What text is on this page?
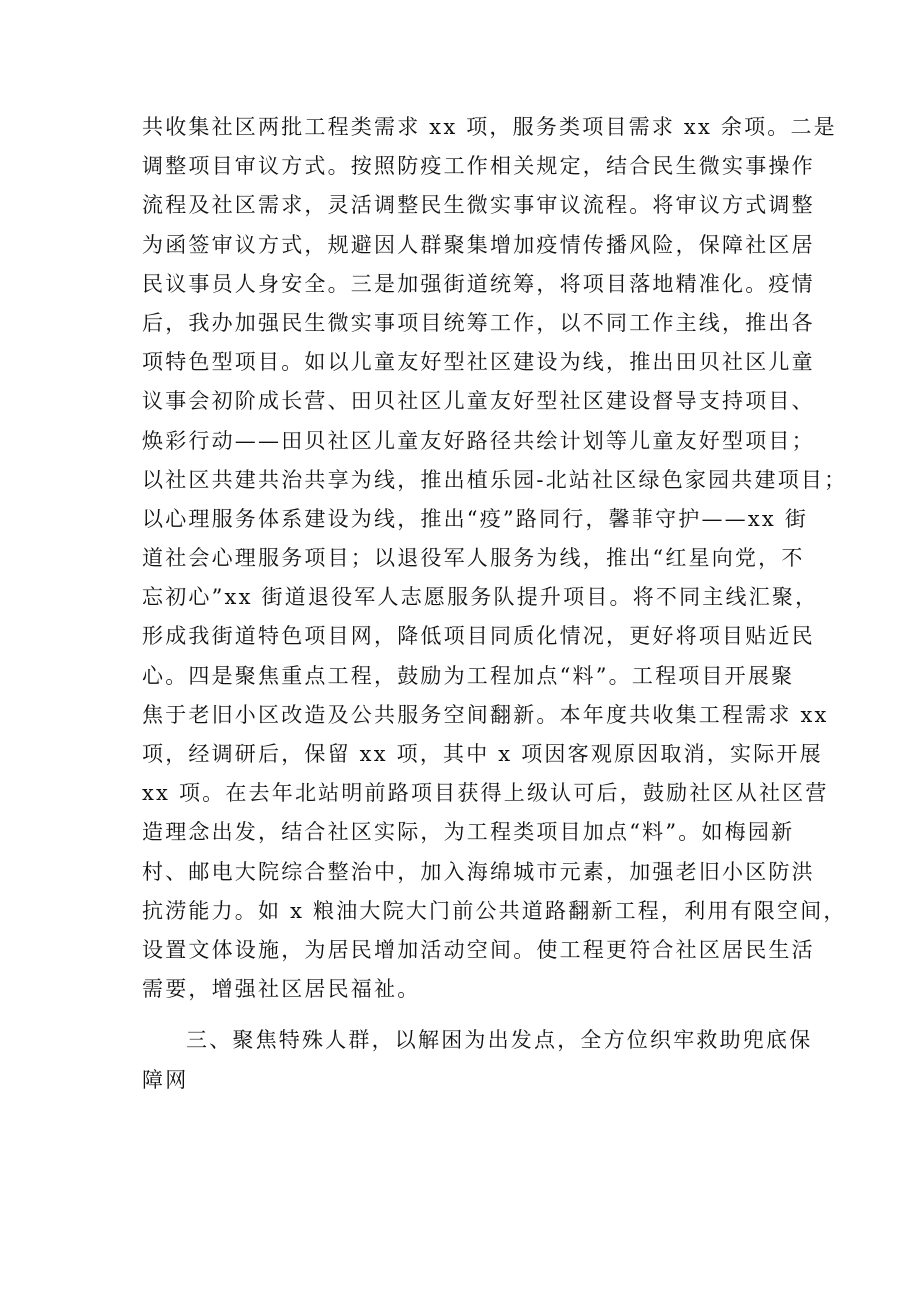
共收集社区两批工程类需求 xx 项，服务类项目需求 xx 余项。二是
调整项目审议方式。按照防疫工作相关规定，结合民生微实事操作
流程及社区需求，灵活调整民生微实事审议流程。将审议方式调整
为函签审议方式，规避因人群聚集增加疫情传播风险，保障社区居
民议事员人身安全。三是加强街道统筹，将项目落地精准化。疫情
后，我办加强民生微实事项目统筹工作，以不同工作主线，推出各
项特色型项目。如以儿童友好型社区建设为线，推出田贝社区儿童
议事会初阶成长营、田贝社区儿童友好型社区建设督导支持项目、
焕彩行动——田贝社区儿童友好路径共绘计划等儿童友好型项目；
以社区共建共治共享为线，推出植乐园-北站社区绿色家园共建项目；
以心理服务体系建设为线，推出“疫”路同行，馨菲守护——xx 街
道社会心理服务项目；以退役军人服务为线，推出“红星向党，不
忘初心”xx 街道退役军人志愿服务队提升项目。将不同主线汇聚，
形成我街道特色项目网，降低项目同质化情况，更好将项目贴近民
心。四是聚焦重点工程，鼓励为工程加点“料”。工程项目开展聚
焦于老旧小区改造及公共服务空间翻新。本年度共收集工程需求 xx
项，经调研后，保留 xx 项，其中 x 项因客观原因取消，实际开展
xx 项。在去年北站明前路项目获得上级认可后，鼓励社区从社区营
造理念出发，结合社区实际，为工程类项目加点“料”。如梅园新
村、邮电大院综合整治中，加入海绵城市元素，加强老旧小区防洪
抗涝能力。如 x 粮油大院大门前公共道路翻新工程，利用有限空间，
设置文体设施，为居民增加活动空间。使工程更符合社区居民生活
需要，增强社区居民福祉。
三、聚焦特殊人群，以解困为出发点，全方位织牢救助兜底保
障网
